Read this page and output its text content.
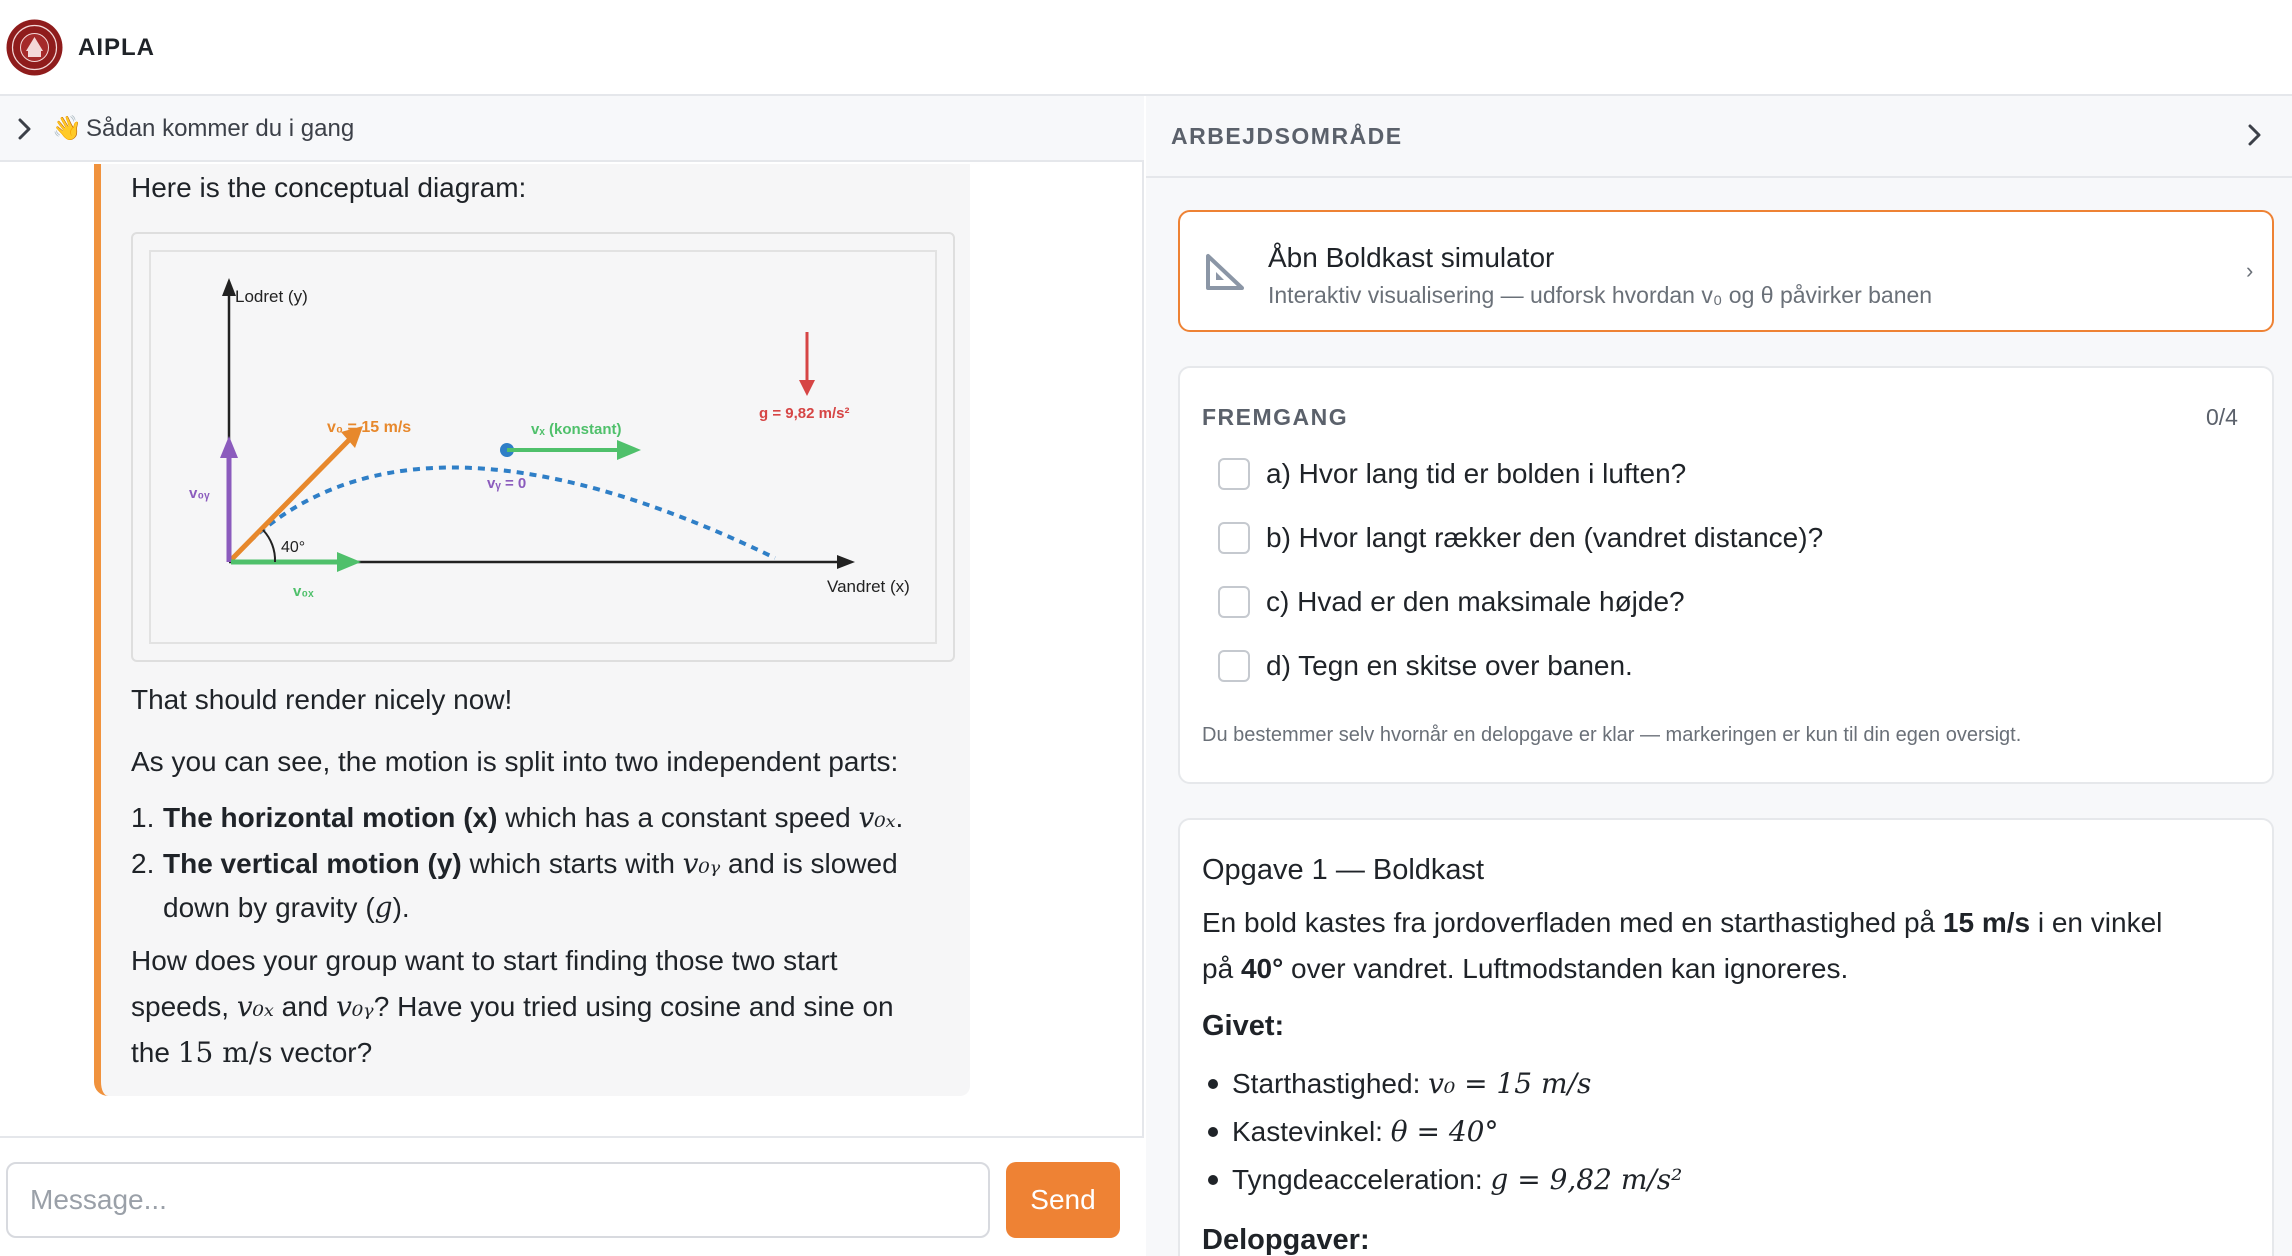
AIPLA
👋 Sådan kommer du i gang
Here is the conceptual diagram:
Lodret (y)
Vandret (x)
v₀ = 15 m/s	vₓ (konstant)
vᵧ = 0
g = 9,82 m/s²
v₀ᵧ
v₀ₓ
40°
That should render nicely now!
As you can see, the motion is split into two independent parts:
1. The horizontal motion (x) which has a constant speed v₀ₓ.
2. The vertical motion (y) which starts with v₀ᵧ and is slowed
down by gravity (g).
How does your group want to start finding those two start
speeds, v₀ₓ and v₀ᵧ? Have you tried using cosine and sine on
the 15 m/s vector?
Message...
Send
ARBEJDSOMRÅDE
Åbn Boldkast simulator
Interaktiv visualisering — udforsk hvordan v₀ og θ påvirker banen
›
FREMGANG	0/4
a) Hvor lang tid er bolden i luften?
b) Hvor langt rækker den (vandret distance)?
c) Hvad er den maksimale højde?
d) Tegn en skitse over banen.
Du bestemmer selv hvornår en delopgave er klar — markeringen er kun til din egen oversigt.
Opgave 1 — Boldkast
En bold kastes fra jordoverfladen med en starthastighed på 15 m/s i en vinkel
på 40° over vandret. Luftmodstanden kan ignoreres.
Givet:
Starthastighed: v₀ = 15 m/s
Kastevinkel: θ = 40°
Tyngdeacceleration: g = 9,82 m/s²
Delopgaver:
